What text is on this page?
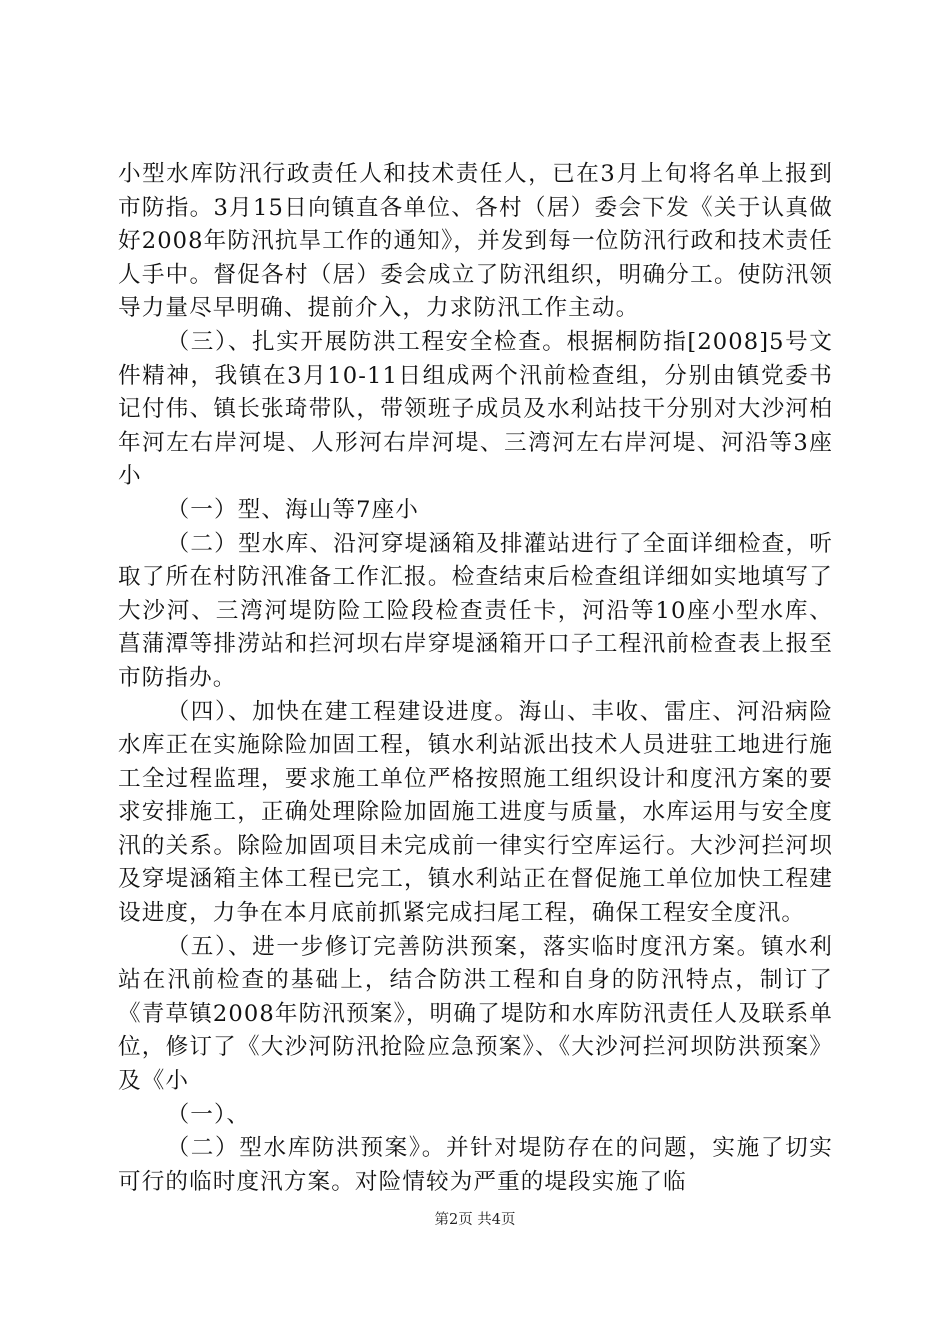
小型水库防汛行政责任人和技术责任人，已在3月上旬将名单上报到市防指。3月15日向镇直各单位、各村（居）委会下发《关于认真做好2008年防汛抗旱工作的通知》，并发到每一位防汛行政和技术责任人手中。督促各村（居）委会成立了防汛组织，明确分工。使防汛领导力量尽早明确、提前介入，力求防汛工作主动。

（三）、扎实开展防洪工程安全检查。根据桐防指[2008]5号文件精神，我镇在3月10-11日组成两个汛前检查组，分别由镇党委书记付伟、镇长张琦带队，带领班子成员及水利站技干分别对大沙河柏年河左右岸河堤、人形河右岸河堤、三湾河左右岸河堤、河沿等3座小

（一）型、海山等7座小

（二）型水库、沿河穿堤涵箱及排灌站进行了全面详细检查，听取了所在村防汛准备工作汇报。检查结束后检查组详细如实地填写了大沙河、三湾河堤防险工险段检查责任卡，河沿等10座小型水库、菖蒲潭等排涝站和拦河坝右岸穿堤涵箱开口子工程汛前检查表上报至市防指办。

（四）、加快在建工程建设进度。海山、丰收、雷庄、河沿病险水库正在实施除险加固工程，镇水利站派出技术人员进驻工地进行施工全过程监理，要求施工单位严格按照施工组织设计和度汛方案的要求安排施工，正确处理除险加固施工进度与质量，水库运用与安全度汛的关系。除险加固项目未完成前一律实行空库运行。大沙河拦河坝及穿堤涵箱主体工程已完工，镇水利站正在督促施工单位加快工程建设进度，力争在本月底前抓紧完成扫尾工程，确保工程安全度汛。

（五）、进一步修订完善防洪预案，落实临时度汛方案。镇水利站在汛前检查的基础上，结合防洪工程和自身的防汛特点，制订了《青草镇2008年防汛预案》，明确了堤防和水库防汛责任人及联系单位，修订了《大沙河防汛抢险应急预案》、《大沙河拦河坝防洪预案》及《小

（一）、

（二）型水库防洪预案》。并针对堤防存在的问题，实施了切实可行的临时度汛方案。对险情较为严重的堤段实施了临

第2页 共4页
